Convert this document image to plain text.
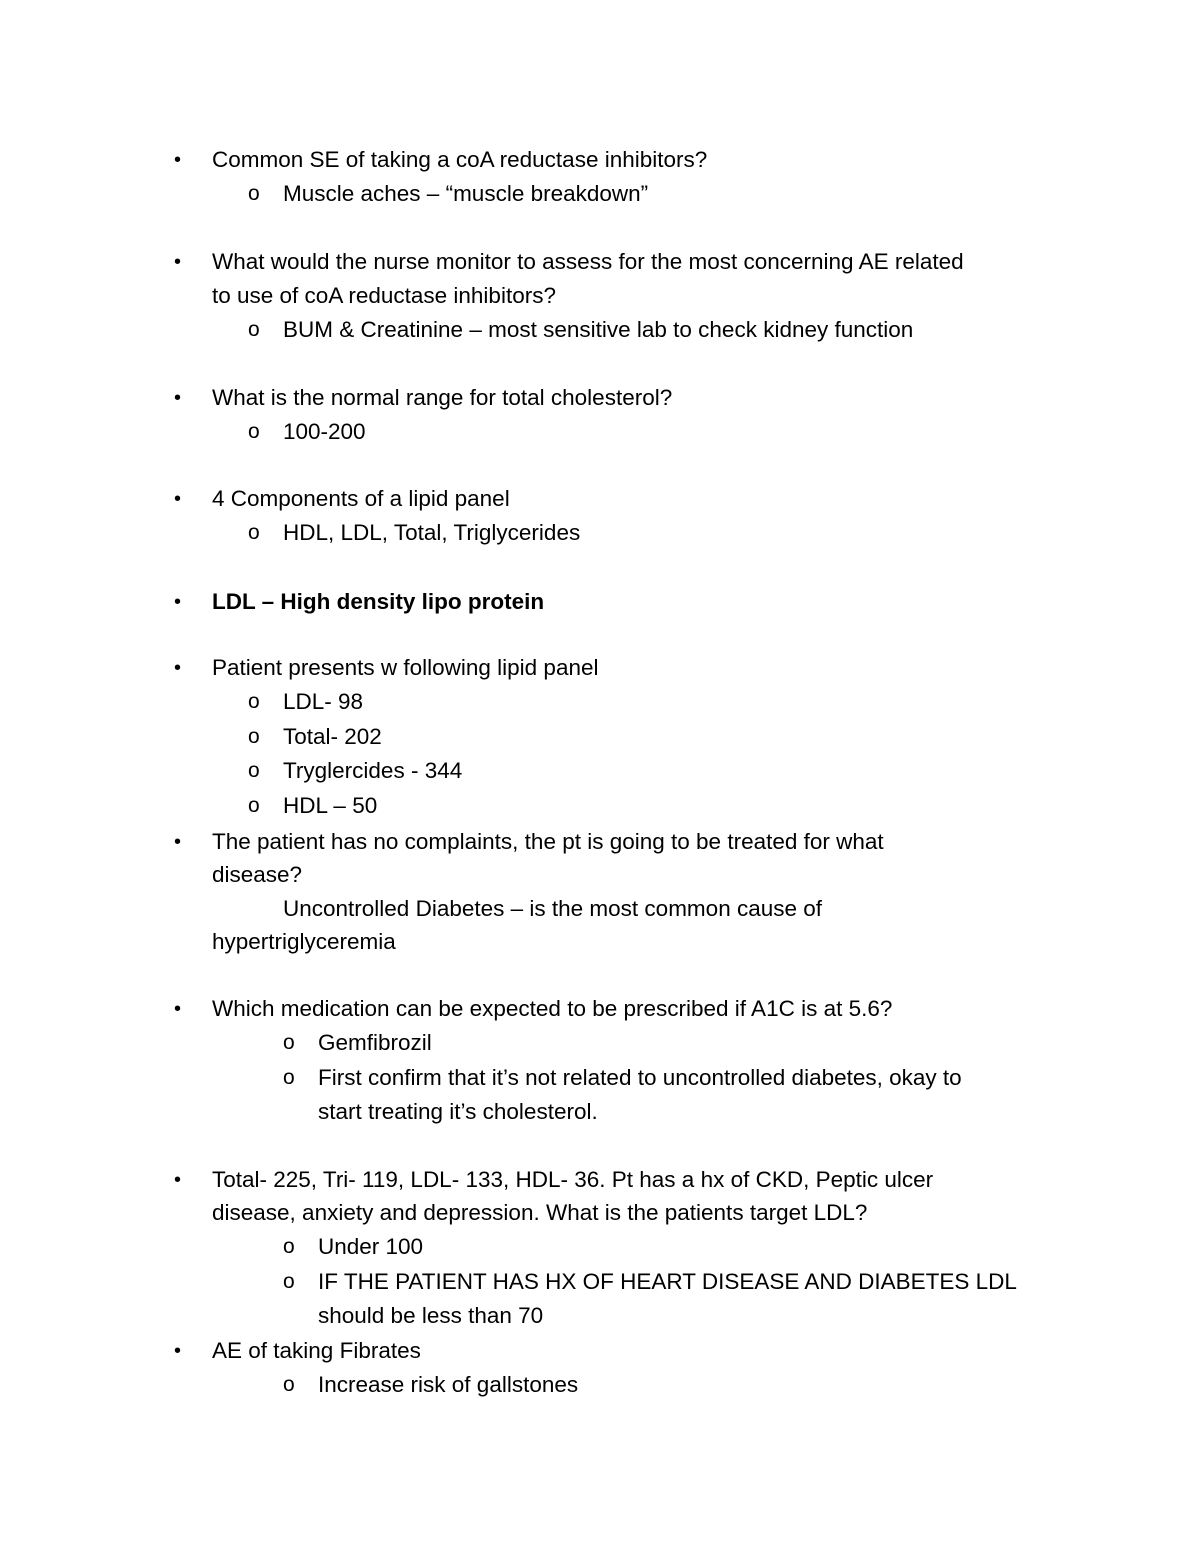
• Common SE of taking a coA reductase inhibitors?
o Muscle aches – “muscle breakdown”
• What would the nurse monitor to assess for the most concerning AE related
to use of coA reductase inhibitors?
o BUM & Creatinine – most sensitive lab to check kidney function
• What is the normal range for total cholesterol?
o 100-200
• 4 Components of a lipid panel
o HDL, LDL, Total, Triglycerides
• LDL – High density lipo protein
• Patient presents w following lipid panel
o LDL- 98
o Total- 202
o Tryglercides - 344
o HDL – 50
• The patient has no complaints, the pt is going to be treated for what
disease?
Uncontrolled Diabetes – is the most common cause of
hypertriglyceremia
• Which medication can be expected to be prescribed if A1C is at 5.6?
o Gemfibrozil
o First confirm that it’s not related to uncontrolled diabetes, okay to
start treating it’s cholesterol.
• Total- 225, Tri- 119, LDL- 133, HDL- 36. Pt has a hx of CKD, Peptic ulcer
disease, anxiety and depression. What is the patients target LDL?
o Under 100
o IF THE PATIENT HAS HX OF HEART DISEASE AND DIABETES LDL
should be less than 70
• AE of taking Fibrates
o Increase risk of gallstones
